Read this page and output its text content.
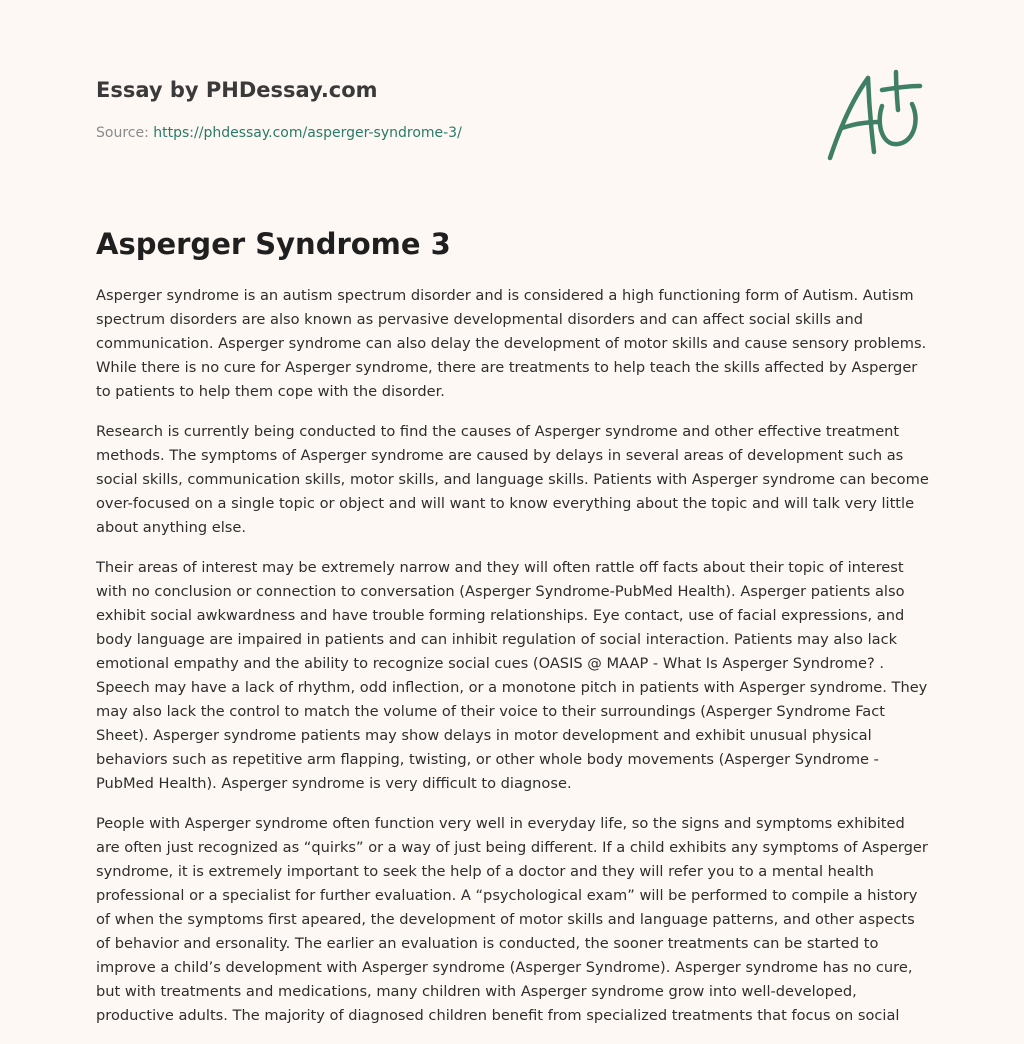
Essay by PHDessay.com
Source: https://phdessay.com/asperger-syndrome-3/
Asperger Syndrome 3

Asperger syndrome is an autism spectrum disorder and is considered a high functioning form of Autism. Autism spectrum disorders are also known as pervasive developmental disorders and can affect social skills and communication. Asperger syndrome can also delay the development of motor skills and cause sensory problems. While there is no cure for Asperger syndrome, there are treatments to help teach the skills affected by Asperger to patients to help them cope with the disorder.

Research is currently being conducted to find the causes of Asperger syndrome and other effective treatment methods. The symptoms of Asperger syndrome are caused by delays in several areas of development such as social skills, communication skills, motor skills, and language skills. Patients with Asperger syndrome can become over-focused on a single topic or object and will want to know everything about the topic and will talk very little about anything else.

Their areas of interest may be extremely narrow and they will often rattle off facts about their topic of interest with no conclusion or connection to conversation (Asperger Syndrome-PubMed Health). Asperger patients also exhibit social awkwardness and have trouble forming relationships. Eye contact, use of facial expressions, and body language are impaired in patients and can inhibit regulation of social interaction. Patients may also lack emotional empathy and the ability to recognize social cues (OASIS @ MAAP - What Is Asperger Syndrome? . Speech may have a lack of rhythm, odd inflection, or a monotone pitch in patients with Asperger syndrome. They may also lack the control to match the volume of their voice to their surroundings (Asperger Syndrome Fact Sheet). Asperger syndrome patients may show delays in motor development and exhibit unusual physical behaviors such as repetitive arm flapping, twisting, or other whole body movements (Asperger Syndrome - PubMed Health). Asperger syndrome is very difficult to diagnose.

People with Asperger syndrome often function very well in everyday life, so the signs and symptoms exhibited are often just recognized as “quirks” or a way of just being different. If a child exhibits any symptoms of Asperger syndrome, it is extremely important to seek the help of a doctor and they will refer you to a mental health professional or a specialist for further evaluation. A “psychological exam” will be performed to compile a history of when the symptoms first apeared, the development of motor skills and language patterns, and other aspects of behavior and ersonality. The earlier an evaluation is conducted, the sooner treatments can be started to improve a child’s development with Asperger syndrome (Asperger Syndrome). Asperger syndrome has no cure, but with treatments and medications, many children with Asperger syndrome grow into well-developed, productive adults. The majority of diagnosed children benefit from specialized treatments that focus on social
